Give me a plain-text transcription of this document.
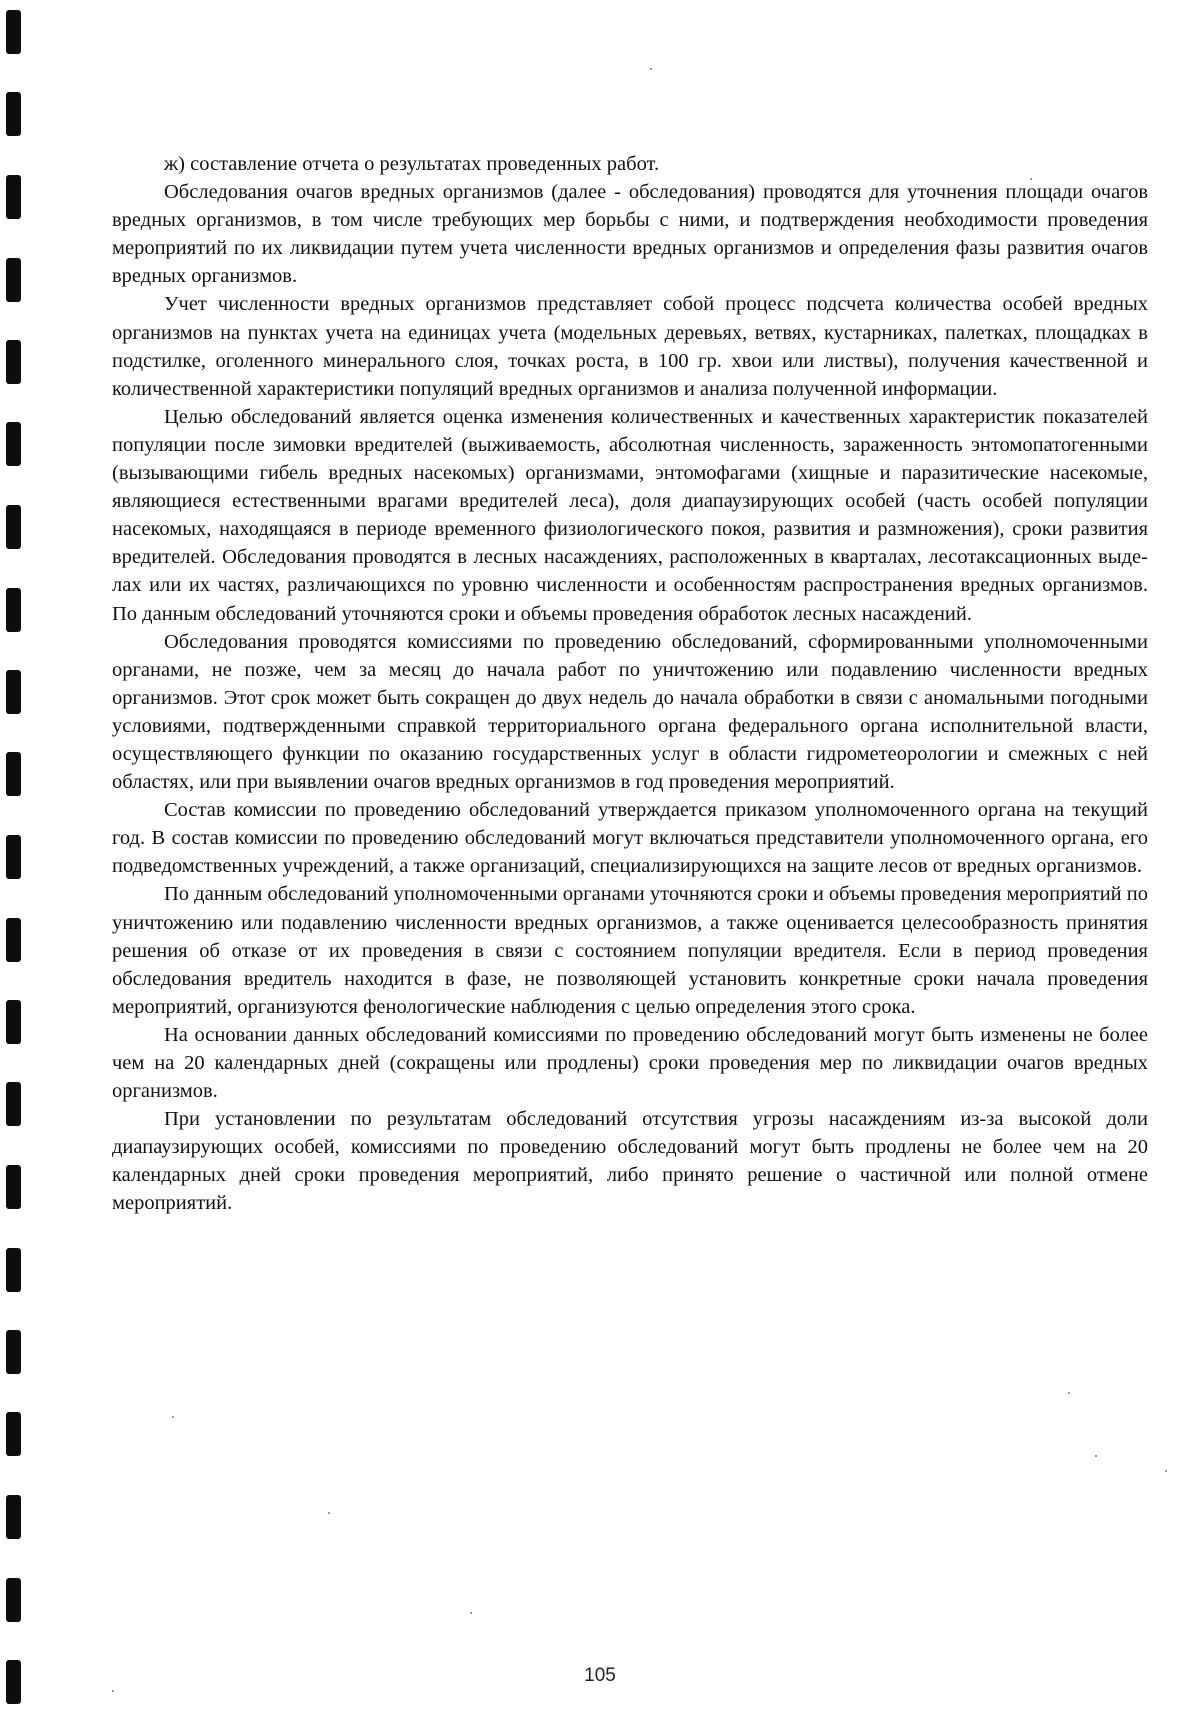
ж) составление отчета о результатах проведенных работ.

Обследования очагов вредных организмов (далее - обследования) проводятся для уточнения площади очагов вредных организмов, в том числе требующих мер борьбы с ними, и подтверждения необходимости проведения мероприятий по их ликвидации путем учета численности вредных организмов и определения фазы развития очагов вредных организмов.

Учет численности вредных организмов представляет собой процесс подсчета количества особей вредных организмов на пунктах учета на единицах учета (модельных деревьях, ветвях, кустарниках, палетках, площадках в подстилке, оголенного минерального слоя, точках роста, в 100 гр. хвои или листвы), получения качественной и количественной характеристики популяций вредных организмов и анализа полученной информации.

Целью обследований является оценка изменения количественных и качественных характеристик показателей популяции после зимовки вредителей (выживаемость, абсолютная численность, зараженность энтомопатогенными (вызывающими гибель вредных насекомых) организмами, энтомофагами (хищные и паразитические насекомые, являющиеся естественными врагами вредителей леса), доля диапаузирующих особей (часть особей популяции насекомых, находящаяся в периоде временного физиологического покоя, развития и размножения), сроки развития вредителей. Обследования проводятся в лесных насаждениях, расположенных в кварталах, лесотаксационных выделах или их частях, различающихся по уровню численности и особенностям распространения вредных организмов. По данным обследований уточняются сроки и объемы проведения обработок лесных насаждений.

Обследования проводятся комиссиями по проведению обследований, сформированными уполномоченными органами, не позже, чем за месяц до начала работ по уничтожению или подавлению численности вредных организмов. Этот срок может быть сокращен до двух недель до начала обработки в связи с аномальными погодными условиями, подтвержденными справкой территориального органа федерального органа исполнительной власти, осуществляющего функции по оказанию государственных услуг в области гидрометеорологии и смежных с ней областях, или при выявлении очагов вредных организмов в год проведения мероприятий.

Состав комиссии по проведению обследований утверждается приказом уполномоченного органа на текущий год. В состав комиссии по проведению обследований могут включаться представители уполномоченного органа, его подведомственных учреждений, а также организаций, специализирующихся на защите лесов от вредных организмов.

По данным обследований уполномоченными органами уточняются сроки и объемы проведения мероприятий по уничтожению или подавлению численности вредных организмов, а также оценивается целесообразность принятия решения об отказе от их проведения в связи с состоянием популяции вредителя. Если в период проведения обследования вредитель находится в фазе, не позволяющей установить конкретные сроки начала проведения мероприятий, организуются фенологические наблюдения с целью определения этого срока.

На основании данных обследований комиссиями по проведению обследований могут быть изменены не более чем на 20 календарных дней (сокращены или продлены) сроки проведения мер по ликвидации очагов вредных организмов.

При установлении по результатам обследований отсутствия угрозы насаждениям из-за высокой доли диапаузирующих особей, комиссиями по проведению обследований могут быть продлены не более чем на 20 календарных дней сроки проведения мероприятий, либо принято решение о частичной или полной отмене мероприятий.

105
